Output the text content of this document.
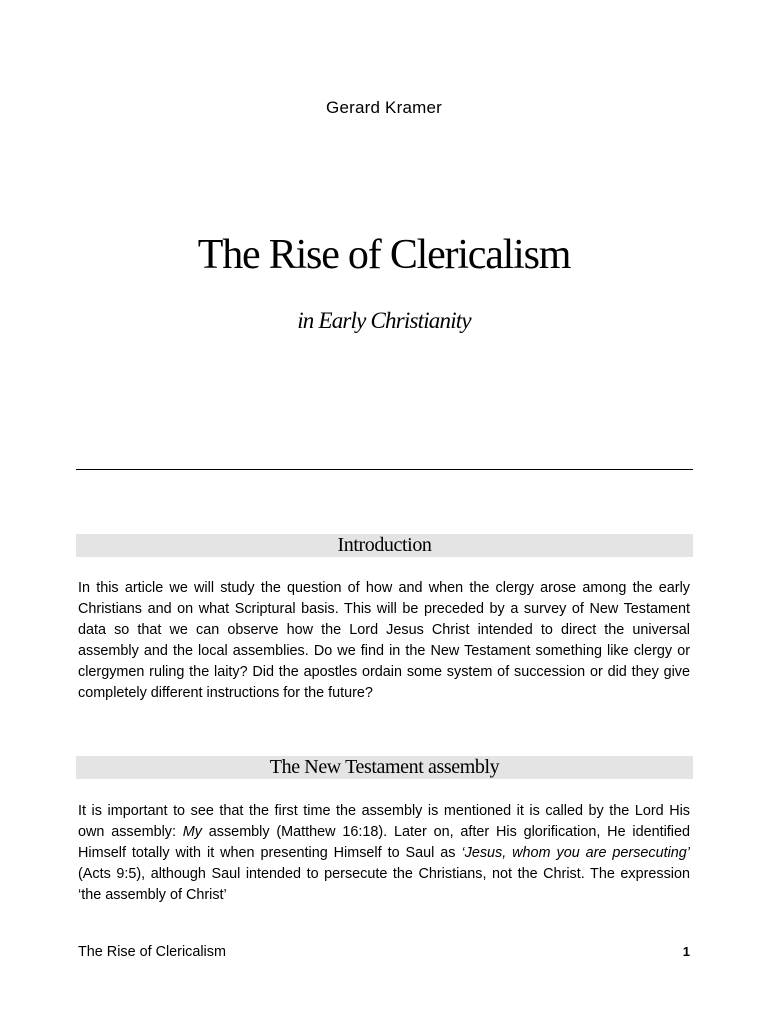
Gerard Kramer
The Rise of Clericalism
in Early Christianity
Introduction
In this article we will study the question of how and when the clergy arose among the early Christians and on what Scriptural basis. This will be preceded by a survey of New Testament data so that we can observe how the Lord Jesus Christ intended to direct the universal assembly and the local assemblies. Do we find in the New Testament something like clergy or clergymen ruling the laity? Did the apostles ordain some system of succession or did they give completely different instructions for the future?
The New Testament assembly
It is important to see that the first time the assembly is mentioned it is called by the Lord His own assembly: My assembly (Matthew 16:18). Later on, after His glorification, He identified Himself totally with it when presenting Himself to Saul as ‘Jesus, whom you are persecuting’ (Acts 9:5), although Saul intended to persecute the Christians, not the Christ. The expression ‘the assembly of Christ’
The Rise of Clericalism	1
